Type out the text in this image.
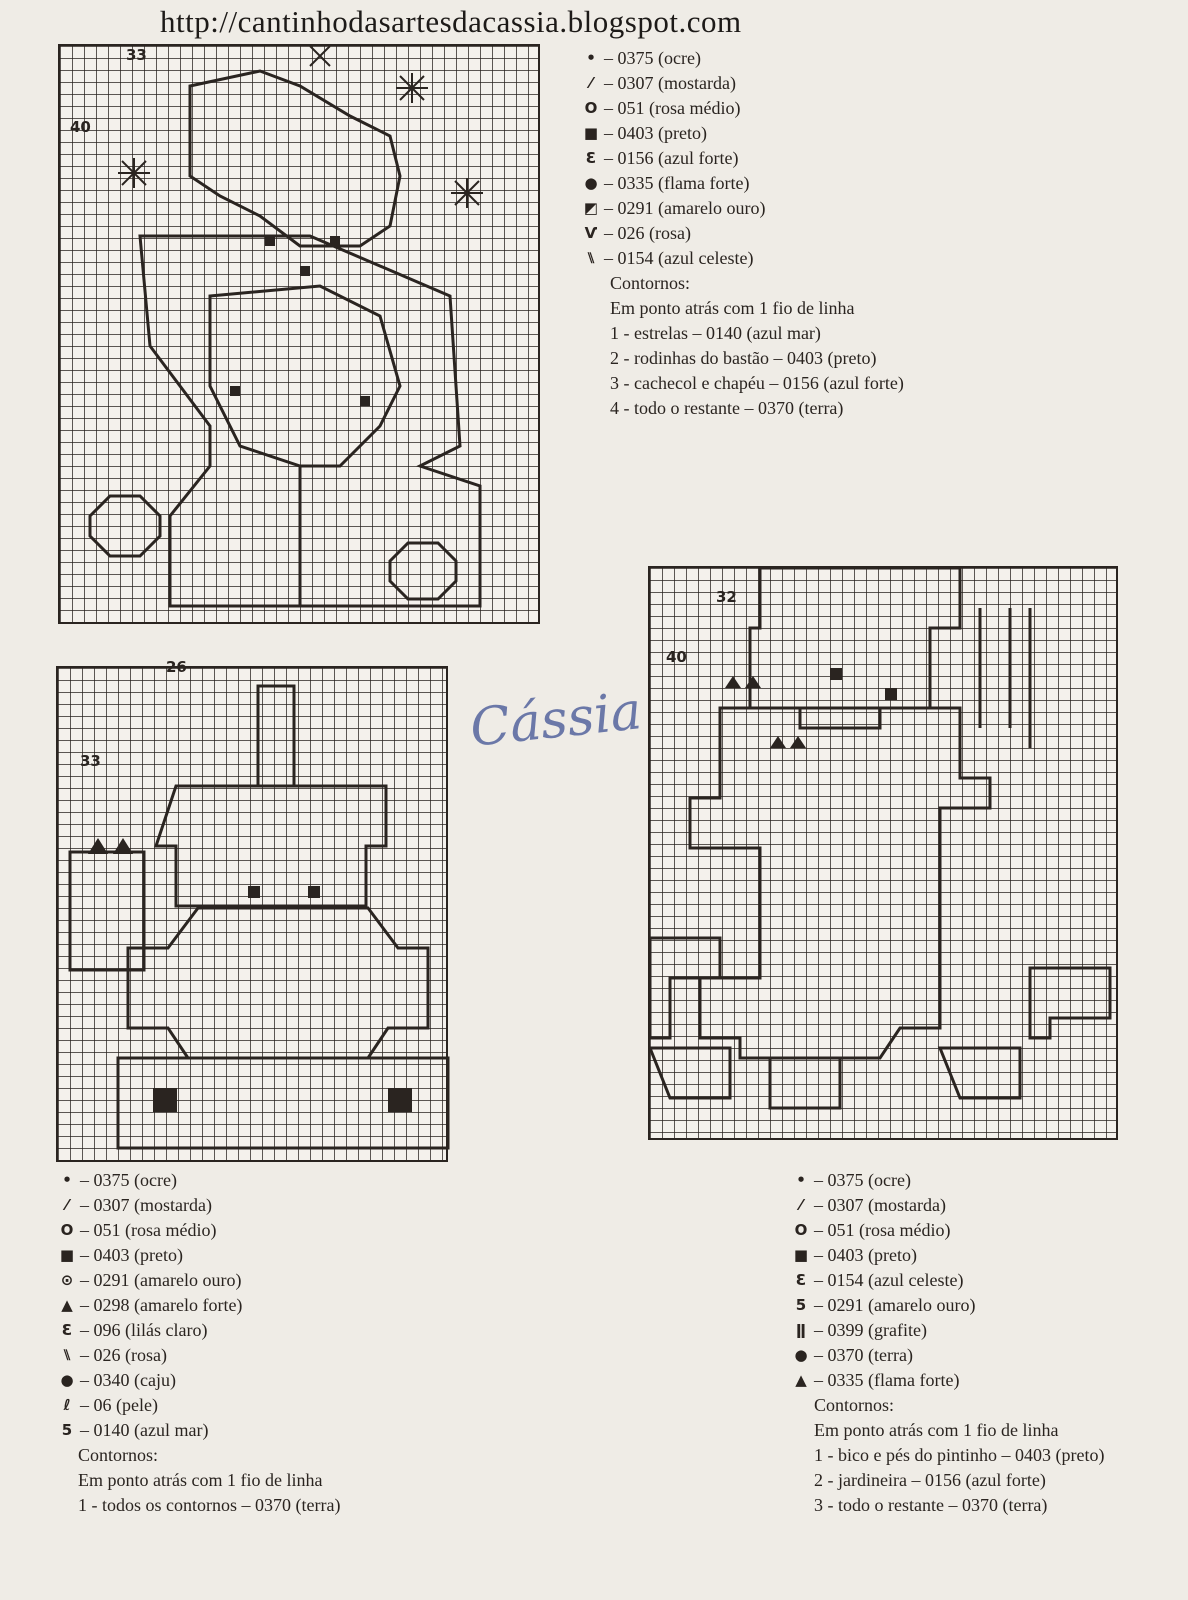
http://cantinhodasartesdacassia.blogspot.com
33
40
• – 0375 (ocre)
⁄ – 0307 (mostarda)
O – 051 (rosa médio)
■ – 0403 (preto)
Ɛ – 0156 (azul forte)
● – 0335 (flama forte)
◩ – 0291 (amarelo ouro)
Ѵ – 026 (rosa)
⑊ – 0154 (azul celeste)
Contornos:
Em ponto atrás com 1 fio de linha
1 - estrelas – 0140 (azul mar)
2 - rodinhas do bastão – 0403 (preto)
3 - cachecol e chapéu – 0156 (azul forte)
4 - todo o restante – 0370 (terra)
26
33
Cássia
32
40
• – 0375 (ocre)
⁄ – 0307 (mostarda)
O – 051 (rosa médio)
■ – 0403 (preto)
⊙ – 0291 (amarelo ouro)
▲ – 0298 (amarelo forte)
Ɛ – 096 (lilás claro)
⑊ – 026 (rosa)
● – 0340 (caju)
ℓ – 06 (pele)
5 – 0140 (azul mar)
Contornos:
Em ponto atrás com 1 fio de linha
1 - todos os contornos – 0370 (terra)
• – 0375 (ocre)
⁄ – 0307 (mostarda)
O – 051 (rosa médio)
■ – 0403 (preto)
Ɛ – 0154 (azul celeste)
5 – 0291 (amarelo ouro)
ǁ – 0399 (grafite)
● – 0370 (terra)
▲ – 0335 (flama forte)
Contornos:
Em ponto atrás com 1 fio de linha
1 - bico e pés do pintinho – 0403 (preto)
2 - jardineira – 0156 (azul forte)
3 - todo o restante – 0370 (terra)
